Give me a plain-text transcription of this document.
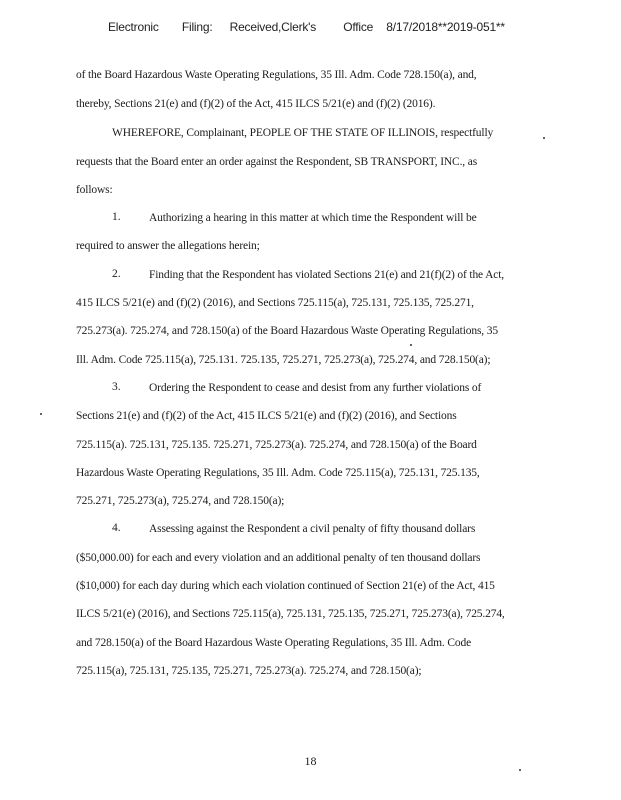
Electronic Filing: Received,Clerk's Office 8/17/2018**2019-051**
of the Board Hazardous Waste Operating Regulations, 35 Ill. Adm. Code 728.150(a), and,
thereby, Sections 21(e) and (f)(2) of the Act, 415 ILCS 5/21(e) and (f)(2) (2016).
WHEREFORE, Complainant, PEOPLE OF THE STATE OF ILLINOIS, respectfully
requests that the Board enter an order against the Respondent, SB TRANSPORT, INC., as
follows:
1. Authorizing a hearing in this matter at which time the Respondent will be
required to answer the allegations herein;
2. Finding that the Respondent has violated Sections 21(e) and 21(f)(2) of the Act,
415 ILCS 5/21(e) and (f)(2) (2016), and Sections 725.115(a), 725.131, 725.135, 725.271,
725.273(a). 725.274, and 728.150(a) of the Board Hazardous Waste Operating Regulations, 35
Ill. Adm. Code 725.115(a), 725.131. 725.135, 725.271, 725.273(a), 725.274, and 728.150(a);
3. Ordering the Respondent to cease and desist from any further violations of
Sections 21(e) and (f)(2) of the Act, 415 ILCS 5/21(e) and (f)(2) (2016), and Sections
725.115(a). 725.131, 725.135. 725.271, 725.273(a). 725.274, and 728.150(a) of the Board
Hazardous Waste Operating Regulations, 35 Ill. Adm. Code 725.115(a), 725.131, 725.135,
725.271, 725.273(a), 725.274, and 728.150(a);
4. Assessing against the Respondent a civil penalty of fifty thousand dollars
($50,000.00) for each and every violation and an additional penalty of ten thousand dollars
($10,000) for each day during which each violation continued of Section 21(e) of the Act, 415
ILCS 5/21(e) (2016), and Sections 725.115(a), 725.131, 725.135, 725.271, 725.273(a), 725.274,
and 728.150(a) of the Board Hazardous Waste Operating Regulations, 35 Ill. Adm. Code
725.115(a), 725.131, 725.135, 725.271, 725.273(a). 725.274, and 728.150(a);
18
